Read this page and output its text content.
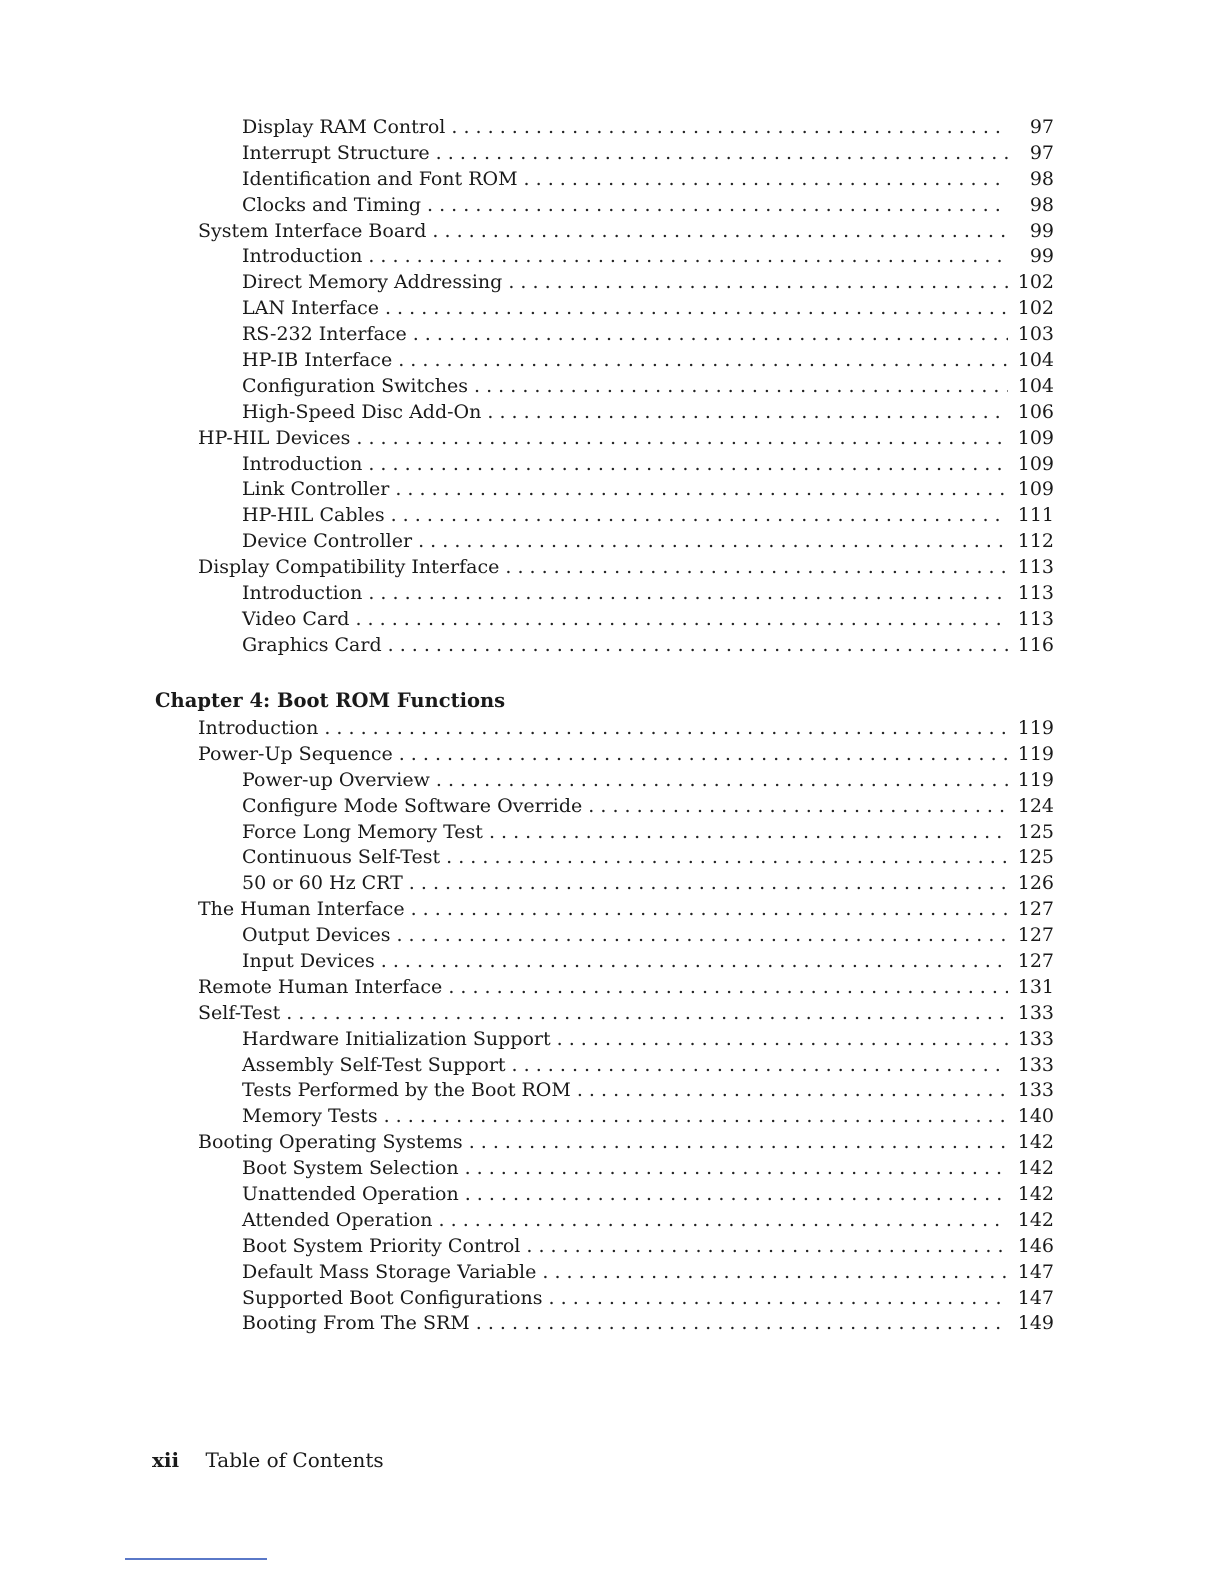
Display RAM Control . . .	97
Interrupt Structure . . .	97
Identification and Font ROM . . .	98
Clocks and Timing . . .	98
System Interface Board . . .	99
Introduction . . .	99
Direct Memory Addressing . . .	102
LAN Interface . . .	102
RS-232 Interface . . .	103
HP-IB Interface . . .	104
Configuration Switches . . .	104
High-Speed Disc Add-On . . .	106
HP-HIL Devices . . .	109
Introduction . . .	109
Link Controller . . .	109
HP-HIL Cables . . .	111
Device Controller . . .	112
Display Compatibility Interface . . .	113
Introduction . . .	113
Video Card . . .	113
Graphics Card . . .	116
Chapter 4: Boot ROM Functions
Introduction . . .	119
Power-Up Sequence . . .	119
Power-up Overview . . .	119
Configure Mode Software Override . . .	124
Force Long Memory Test . . .	125
Continuous Self-Test . . .	125
50 or 60 Hz CRT . . .	126
The Human Interface . . .	127
Output Devices . . .	127
Input Devices . . .	127
Remote Human Interface . . .	131
Self-Test . . .	133
Hardware Initialization Support . . .	133
Assembly Self-Test Support . . .	133
Tests Performed by the Boot ROM . . .	133
Memory Tests . . .	140
Booting Operating Systems . . .	142
Boot System Selection . . .	142
Unattended Operation . . .	142
Attended Operation . . .	142
Boot System Priority Control . . .	146
Default Mass Storage Variable . . .	147
Supported Boot Configurations . . .	147
Booting From The SRM . . .	149
xii Table of Contents
